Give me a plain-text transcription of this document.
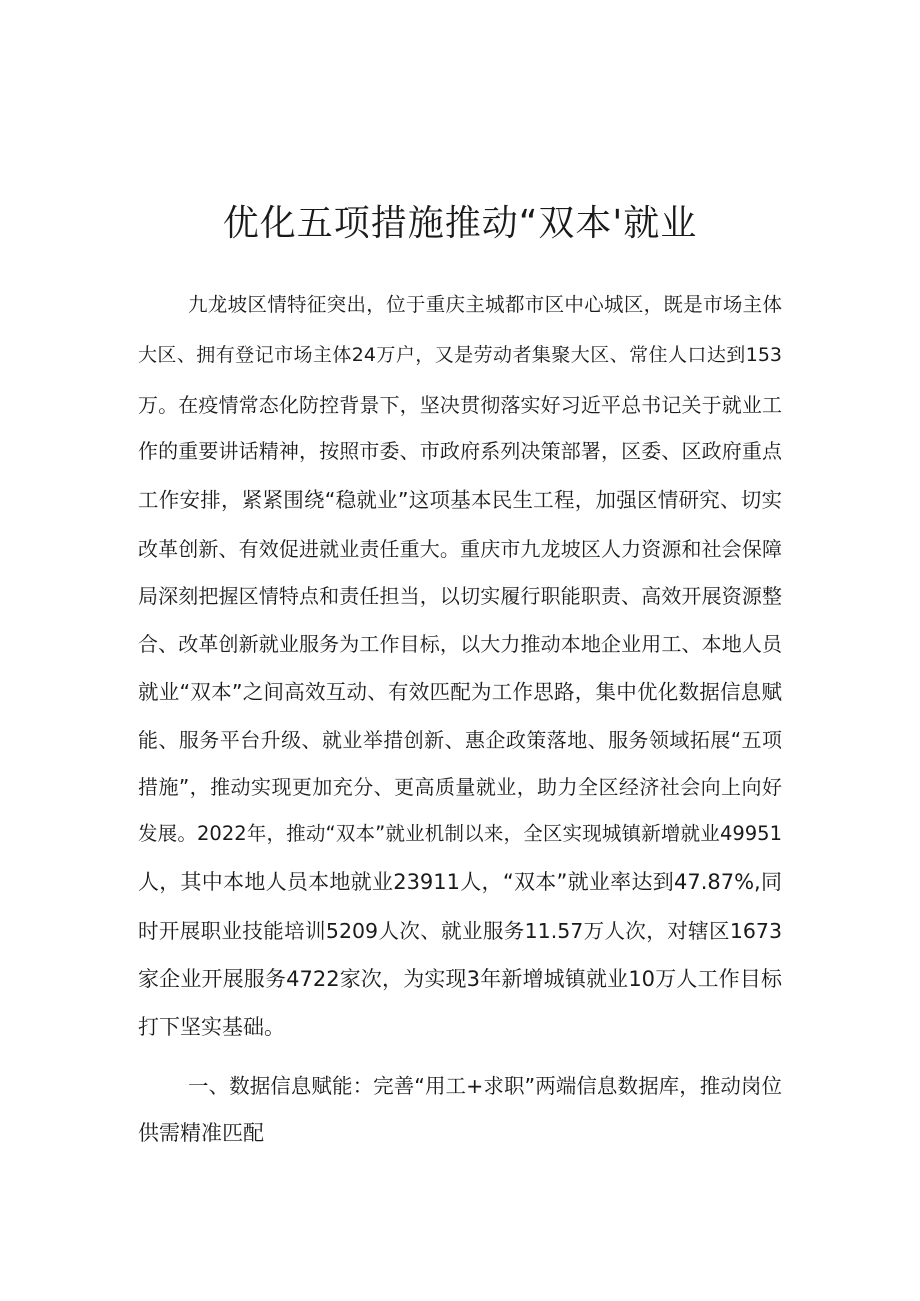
优化五项措施推动“双本'就业
九龙坡区情特征突出，位于重庆主城都市区中心城区，既是市场主体
大区、拥有登记市场主体24万户，又是劳动者集聚大区、常住人口达到153
万。在疫情常态化防控背景下，坚决贯彻落实好习近平总书记关于就业工
作的重要讲话精神，按照市委、市政府系列决策部署，区委、区政府重点
工作安排，紧紧围绕“稳就业”这项基本民生工程，加强区情研究、切实
改革创新、有效促进就业责任重大。重庆市九龙坡区人力资源和社会保障
局深刻把握区情特点和责任担当，以切实履行职能职责、高效开展资源整
合、改革创新就业服务为工作目标，以大力推动本地企业用工、本地人员
就业“双本”之间高效互动、有效匹配为工作思路，集中优化数据信息赋
能、服务平台升级、就业举措创新、惠企政策落地、服务领域拓展“五项
措施”，推动实现更加充分、更高质量就业，助力全区经济社会向上向好
发展。2022年，推动“双本”就业机制以来，全区实现城镇新增就业49951
人，其中本地人员本地就业23911人，“双本”就业率达到47.87%,同
时开展职业技能培训5209人次、就业服务11.57万人次，对辖区1673
家企业开展服务4722家次，为实现3年新增城镇就业10万人工作目标
打下坚实基础。
一、数据信息赋能：完善“用工+求职”两端信息数据库，推动岗位
供需精准匹配
